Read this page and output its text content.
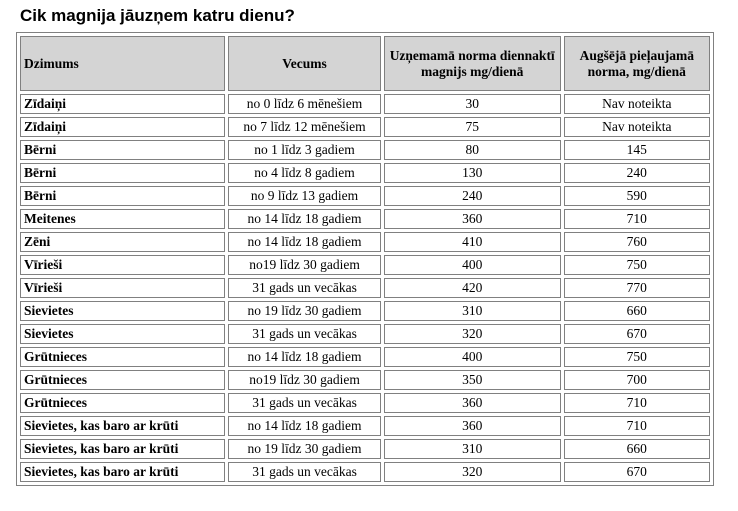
Cik magnija jāuzņem katru dienu?
Dzimums	Vecums	Uzņemamā norma diennaktī magnijs mg/dienā	Augšējā pieļaujamā norma, mg/dienā
Zīdaiņi	no 0 līdz 6 mēnešiem	30	Nav noteikta
Zīdaiņi	no 7 līdz 12 mēnešiem	75	Nav noteikta
Bērni	no 1 līdz 3 gadiem	80	145
Bērni	no 4 līdz 8 gadiem	130	240
Bērni	no 9 līdz 13 gadiem	240	590
Meitenes	no 14 līdz 18 gadiem	360	710
Zēni	no 14 līdz 18 gadiem	410	760
Vīrieši	no19 līdz 30 gadiem	400	750
Vīrieši	31 gads un vecākas	420	770
Sievietes	no 19 līdz 30 gadiem	310	660
Sievietes	31 gads un vecākas	320	670
Grūtnieces	no 14 līdz 18 gadiem	400	750
Grūtnieces	no19 līdz 30 gadiem	350	700
Grūtnieces	31 gads un vecākas	360	710
Sievietes, kas baro ar krūti	no 14 līdz 18 gadiem	360	710
Sievietes, kas baro ar krūti	no 19 līdz 30 gadiem	310	660
Sievietes, kas baro ar krūti	31 gads un vecākas	320	670
